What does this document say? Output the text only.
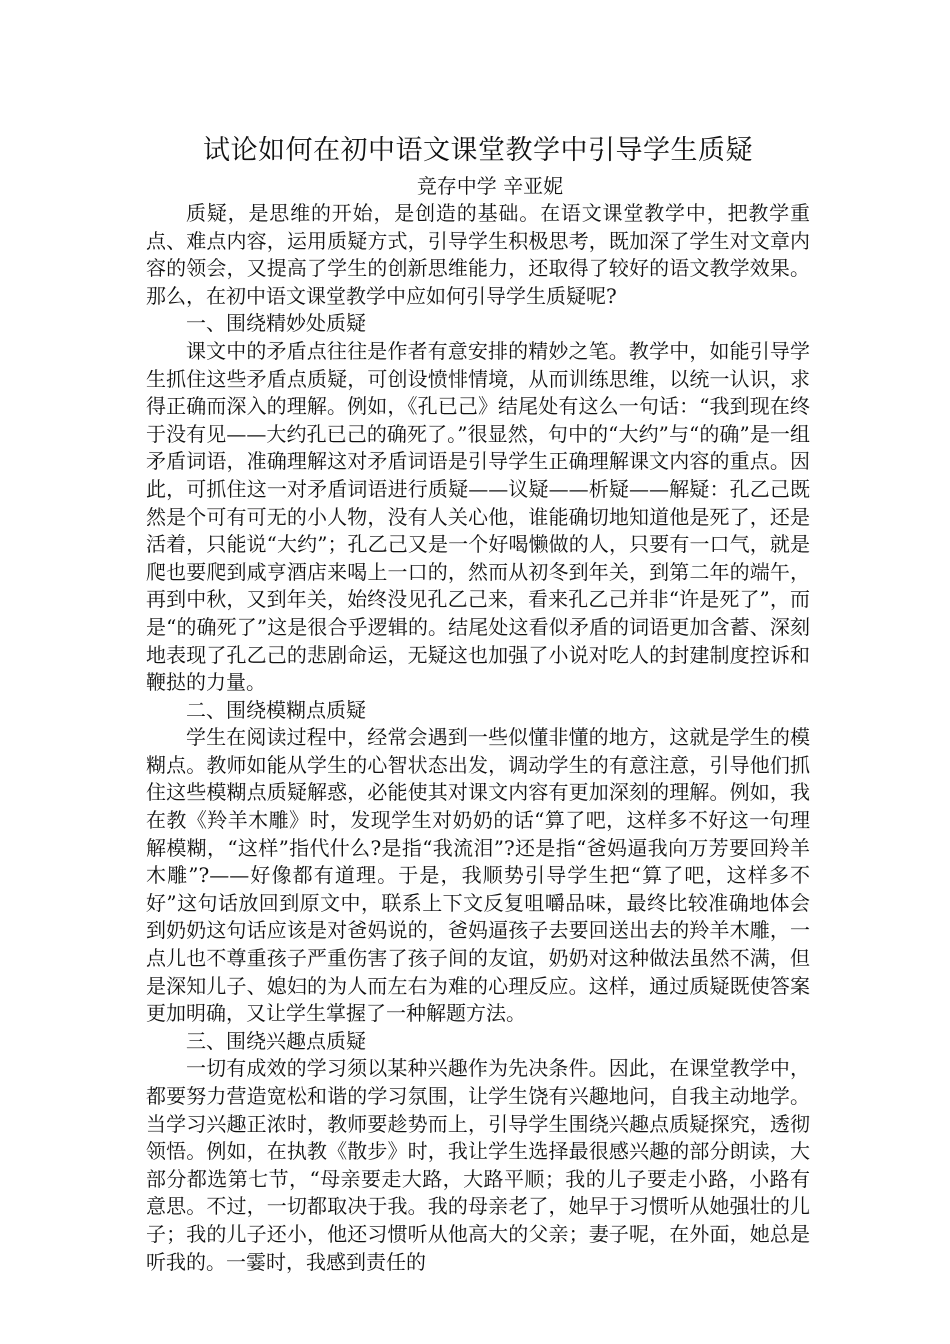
试论如何在初中语文课堂教学中引导学生质疑

竞存中学 辛亚妮

质疑，是思维的开始，是创造的基础。在语文课堂教学中，把教学重点、难点内容，运用质疑方式，引导学生积极思考，既加深了学生对文章内容的领会，又提高了学生的创新思维能力，还取得了较好的语文教学效果。那么，在初中语文课堂教学中应如何引导学生质疑呢?

一、围绕精妙处质疑

课文中的矛盾点往往是作者有意安排的精妙之笔。教学中，如能引导学生抓住这些矛盾点质疑，可创设愤悱情境，从而训练思维，以统一认识，求得正确而深入的理解。例如，《孔已己》结尾处有这么一句话：“我到现在终于没有见——大约孔已己的确死了。”很显然，句中的“大约”与“的确”是一组矛盾词语，准确理解这对矛盾词语是引导学生正确理解课文内容的重点。因此，可抓住这一对矛盾词语进行质疑——议疑——析疑——解疑：孔乙己既然是个可有可无的小人物，没有人关心他，谁能确切地知道他是死了，还是活着，只能说“大约”；孔乙己又是一个好喝懒做的人，只要有一口气，就是爬也要爬到咸亨酒店来喝上一口的，然而从初冬到年关，到第二年的端午，再到中秋，又到年关，始终没见孔乙己来，看来孔乙己并非“许是死了”，而是“的确死了”这是很合乎逻辑的。结尾处这看似矛盾的词语更加含蓄、深刻地表现了孔乙己的悲剧命运，无疑这也加强了小说对吃人的封建制度控诉和鞭挞的力量。

二、围绕模糊点质疑

学生在阅读过程中，经常会遇到一些似懂非懂的地方，这就是学生的模糊点。教师如能从学生的心智状态出发，调动学生的有意注意，引导他们抓住这些模糊点质疑解惑，必能使其对课文内容有更加深刻的理解。例如，我在教《羚羊木雕》时，发现学生对奶奶的话“算了吧，这样多不好这一句理解模糊，“这样”指代什么?是指“我流泪”?还是指“爸妈逼我向万芳要回羚羊木雕”?——好像都有道理。于是，我顺势引导学生把“算了吧，这样多不好”这句话放回到原文中，联系上下文反复咀嚼品味，最终比较准确地体会到奶奶这句话应该是对爸妈说的，爸妈逼孩子去要回送出去的羚羊木雕，一点儿也不尊重孩子严重伤害了孩子间的友谊，奶奶对这种做法虽然不满，但是深知儿子、媳妇的为人而左右为难的心理反应。这样，通过质疑既使答案更加明确，又让学生掌握了一种解题方法。

三、围绕兴趣点质疑

一切有成效的学习须以某种兴趣作为先决条件。因此，在课堂教学中，都要努力营造宽松和谐的学习氛围，让学生饶有兴趣地问，自我主动地学。当学习兴趣正浓时，教师要趁势而上，引导学生围绕兴趣点质疑探究，透彻领悟。例如，在执教《散步》时，我让学生选择最很感兴趣的部分朗读，大部分都选第七节，“母亲要走大路，大路平顺；我的儿子要走小路，小路有意思。不过，一切都取决于我。我的母亲老了，她早于习惯听从她强壮的儿子；我的儿子还小，他还习惯听从他高大的父亲；妻子呢，在外面，她总是听我的。一霎时，我感到责任的
